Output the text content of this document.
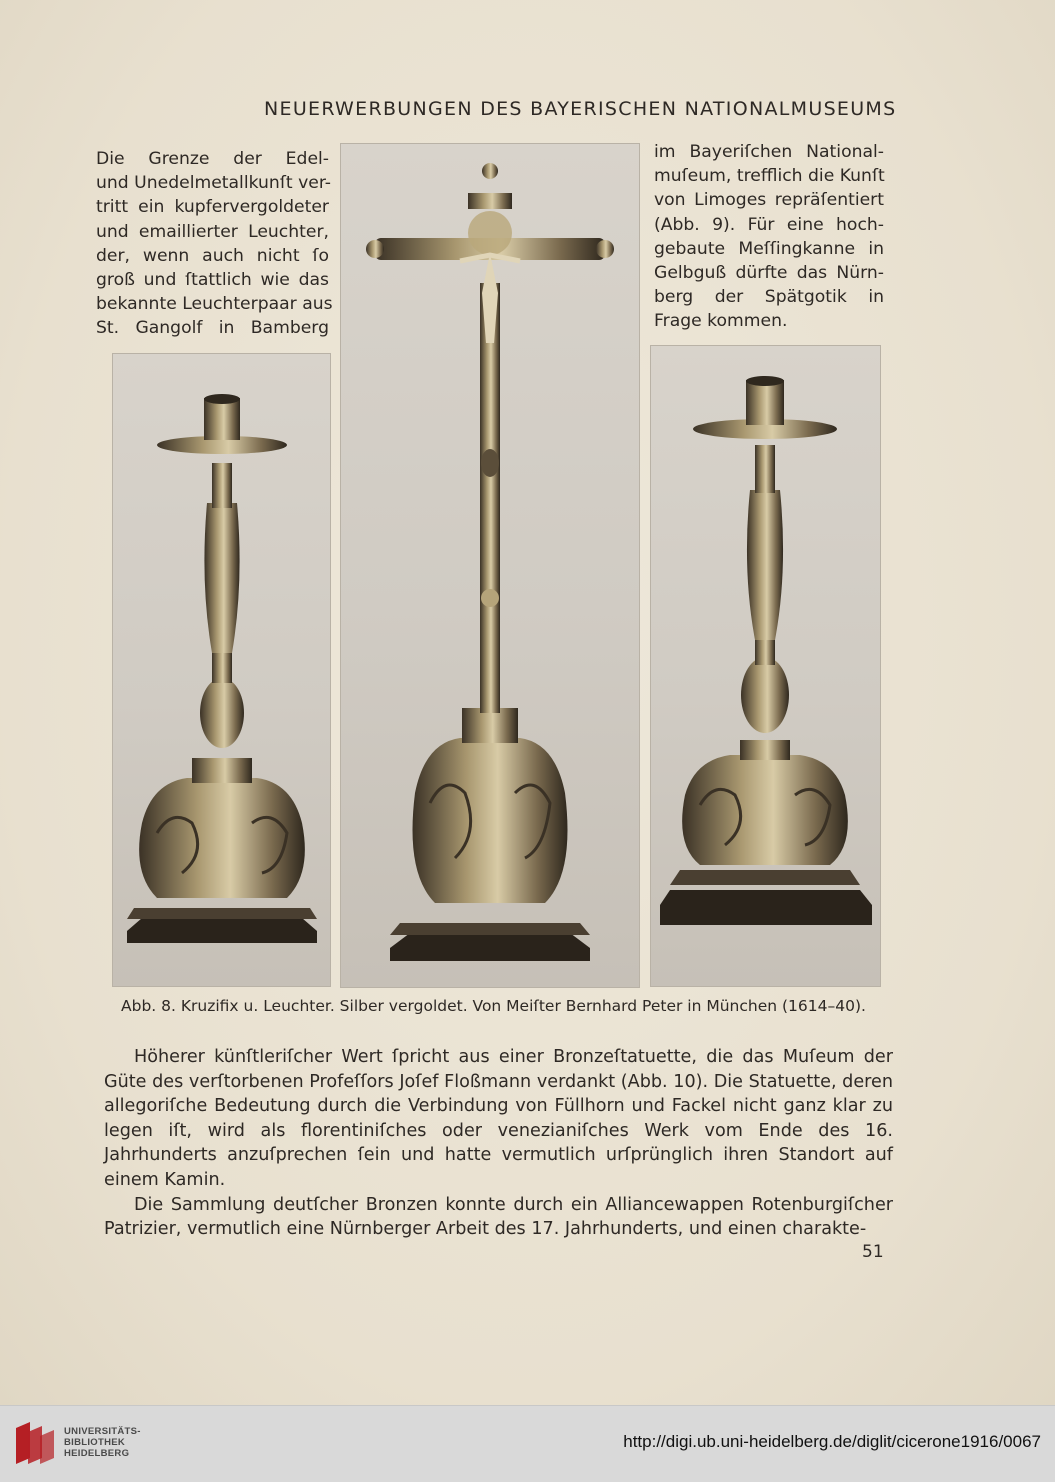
NEUERWERBUNGEN DES BAYERISCHEN NATIONALMUSEUMS

Die Grenze der Edel-

und Unedelmetallkunſt ver-

tritt ein kupfervergoldeter

und emaillierter Leuchter,

der, wenn auch nicht ſo

groß und ſtattlich wie das

bekannte Leuchterpaar aus

St. Gangolf in Bamberg

im Bayeriſchen National-

muſeum, trefflich die Kunſt

von Limoges repräſentiert

(Abb. 9). Für eine hoch-

gebaute Meſſingkanne in

Gelbguß dürfte das Nürn-

berg der Spätgotik in

Frage kommen.

Abb. 8. Kruzifix u. Leuchter. Silber vergoldet. Von Meiſter Bernhard Peter in München (1614–40).

Höherer künſtleriſcher Wert ſpricht aus einer Bronzeſtatuette, die das Muſeum der Güte des verſtorbenen Profeſſors Joſef Floßmann verdankt (Abb. 10). Die Statuette, deren allegoriſche Bedeutung durch die Verbindung von Füllhorn und Fackel nicht ganz klar zu legen iſt, wird als florentiniſches oder venezianiſches Werk vom Ende des 16. Jahrhunderts anzuſprechen ſein und hatte vermutlich urſprünglich ihren Standort auf einem Kamin.

Die Sammlung deutſcher Bronzen konnte durch ein Alliancewappen Rotenburgiſcher Patrizier, vermutlich eine Nürnberger Arbeit des 17. Jahrhunderts, und einen charakte-

51
UNIVERSITÄTS-
BIBLIOTHEK
HEIDELBERG
http://digi.ub.uni-heidelberg.de/diglit/cicerone1916/0067
